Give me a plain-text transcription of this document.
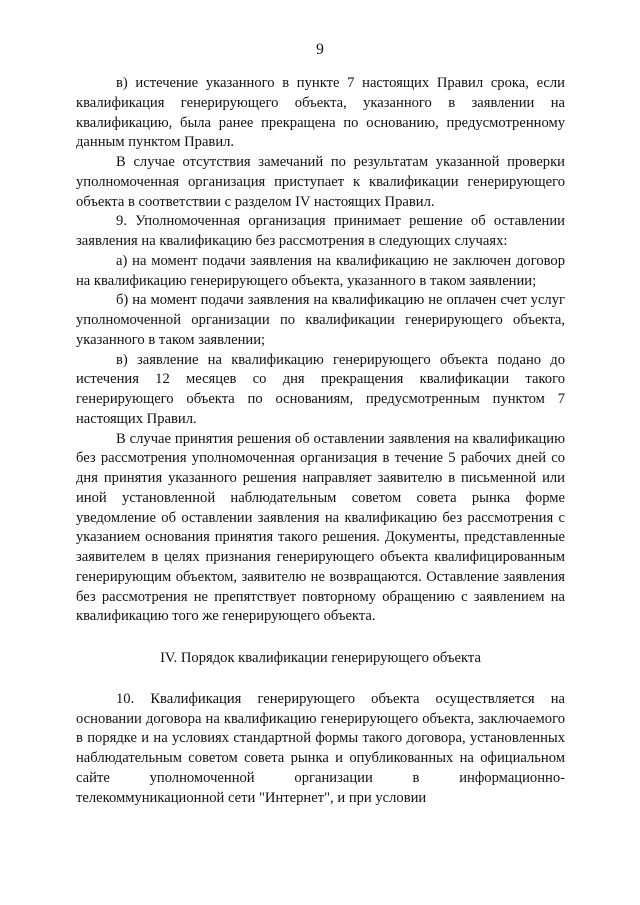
9

в) истечение указанного в пункте 7 настоящих Правил срока, если квалификация генерирующего объекта, указанного в заявлении на квалификацию, была ранее прекращена по основанию, предусмотренному данным пунктом Правил.

В случае отсутствия замечаний по результатам указанной проверки уполномоченная организация приступает к квалификации генерирующего объекта в соответствии с разделом IV настоящих Правил.

9. Уполномоченная организация принимает решение об оставлении заявления на квалификацию без рассмотрения в следующих случаях:

а) на момент подачи заявления на квалификацию не заключен договор на квалификацию генерирующего объекта, указанного в таком заявлении;

б) на момент подачи заявления на квалификацию не оплачен счет услуг уполномоченной организации по квалификации генерирующего объекта, указанного в таком заявлении;

в) заявление на квалификацию генерирующего объекта подано до истечения 12 месяцев со дня прекращения квалификации такого генерирующего объекта по основаниям, предусмотренным пунктом 7 настоящих Правил.

В случае принятия решения об оставлении заявления на квалификацию без рассмотрения уполномоченная организация в течение 5 рабочих дней со дня принятия указанного решения направляет заявителю в письменной или иной установленной наблюдательным советом совета рынка форме уведомление об оставлении заявления на квалификацию без рассмотрения с указанием основания принятия такого решения. Документы, представленные заявителем в целях признания генерирующего объекта квалифицированным генерирующим объектом, заявителю не возвращаются. Оставление заявления без рассмотрения не препятствует повторному обращению с заявлением на квалификацию того же генерирующего объекта.

IV. Порядок квалификации генерирующего объекта

10. Квалификация генерирующего объекта осуществляется на основании договора на квалификацию генерирующего объекта, заключаемого в порядке и на условиях стандартной формы такого договора, установленных наблюдательным советом совета рынка и опубликованных на официальном сайте уполномоченной организации в информационно-телекоммуникационной сети "Интернет", и при условии
